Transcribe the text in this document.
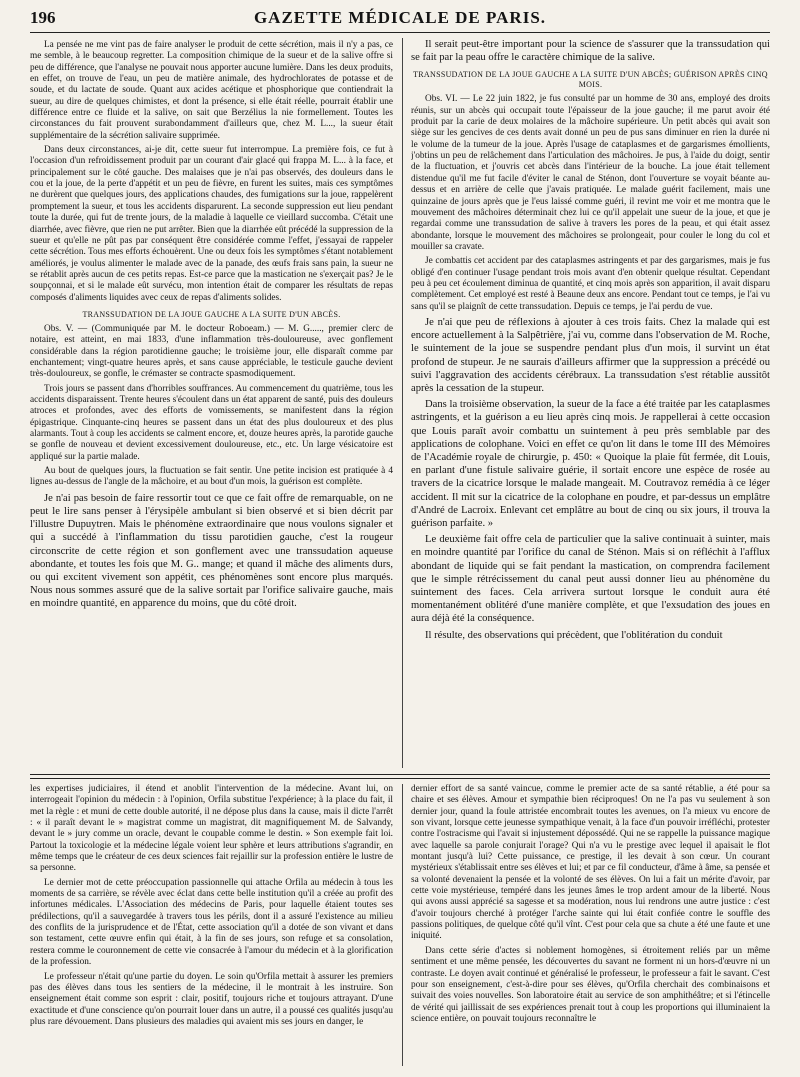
196	GAZETTE MÉDICALE DE PARIS.

La pensée ne me vint pas de faire analyser le produit de cette sécrétion, mais il n'y a pas, ce me semble, à le beaucoup regretter. La composition chimique de la sueur et de la salive offre si peu de différence, que l'analyse ne pouvait nous apporter aucune lumière. Dans les deux produits, en effet, on trouve de l'eau, un peu de matière animale, des hydrochlorates de potasse et de soude, et du lactate de soude. Quant aux acides acétique et phosphorique que contiendrait la sueur, au dire de quelques chimistes, et dont la présence, si elle était réelle, pourrait établir une différence entre ce fluide et la salive, on sait que Berzélius la nie formellement. Toutes les circonstances du fait prouvent surabondamment d'ailleurs que, chez M. L..., la sueur était supplémentaire de la sécrétion salivaire supprimée.

Dans deux circonstances, ai-je dit, cette sueur fut interrompue. La première fois, ce fut à l'occasion d'un refroidissement produit par un courant d'air glacé qui frappa M. L... à la face, et principalement sur le côté gauche. Des malaises que je n'ai pas observés, des douleurs dans le cou et la joue, de la perte d'appétit et un peu de fièvre, en furent les suites, mais ces symptômes ne durèrent que quelques jours, des applications chaudes, des fumigations sur la joue, rappelèrent promptement la sueur, et tous les accidents disparurent. La seconde suppression eut lieu pendant toute la durée, qui fut de trente jours, de la maladie à laquelle ce vieillard succomba. C'était une diarrhée, avec fièvre, que rien ne put arrêter. Bien que la diarrhée eût précédé la suppression de la sueur et qu'elle ne pût pas par conséquent être considérée comme l'effet, j'essayai de rappeler cette sécrétion. Tous mes efforts échouèrent. Une ou deux fois les symptômes s'étant notablement améliorés, je voulus alimenter le malade avec de la panade, des œufs frais sans pain, la sueur ne se rétablit après aucun de ces petits repas. Est-ce parce que la mastication ne s'exerçait pas? Je le soupçonnai, et si le malade eût survécu, mon intention était de comparer les résultats de repas composés d'aliments liquides avec ceux de repas d'aliments solides.

TRANSSUDATION DE LA JOUE GAUCHE A LA SUITE D'UN ABCÈS.

Obs. V. — (Communiquée par M. le docteur Roboeam.) — M. G....., premier clerc de notaire, est atteint, en mai 1833, d'une inflammation très-douloureuse, avec gonflement considérable dans la région parotidienne gauche; le troisième jour, elle disparaît comme par enchantement; vingt-quatre heures après, et sans cause appréciable, le testicule gauche devient très-douloureux, se gonfle, le crémaster se contracte spasmodiquement.

Trois jours se passent dans d'horribles souffrances. Au commencement du quatrième, tous les accidents disparaissent. Trente heures s'écoulent dans un état apparent de santé, puis des douleurs atroces et profondes, avec des efforts de vomissements, se manifestent dans la région épigastrique. Cinquante-cinq heures se passent dans un état des plus douloureux et des plus alarmants. Tout à coup les accidents se calment encore, et, douze heures après, la parotide gauche se gonfle de nouveau et devient excessivement douloureuse, etc., etc. Un large vésicatoire est appliqué sur la partie malade.

Au bout de quelques jours, la fluctuation se fait sentir. Une petite incision est pratiquée à 4 lignes au-dessus de l'angle de la mâchoire, et au bout d'un mois, la guérison est complète.

Je n'ai pas besoin de faire ressortir tout ce que ce fait offre de remarquable, on ne peut le lire sans penser à l'érysipèle ambulant si bien observé et si bien décrit par l'illustre Dupuytren. Mais le phénomène extraordinaire que nous voulons signaler et qui a succédé à l'inflammation du tissu parotidien gauche, c'est la rougeur circonscrite de cette région et son gonflement avec une transsudation aqueuse abondante, et toutes les fois que M. G.. mange; et quand il mâche des aliments durs, ou qui excitent vivement son appétit, ces phénomènes sont encore plus marqués. Nous nous sommes assuré que de la salive sortait par l'orifice salivaire gauche, mais en moindre quantité, en apparence du moins, que du côté droit.

Il serait peut-être important pour la science de s'assurer que la transsudation qui se fait par la peau offre le caractère chimique de la salive.

TRANSSUDATION DE LA JOUE GAUCHE A LA SUITE D'UN ABCÈS; GUÉRISON APRÈS CINQ MOIS.

Obs. VI. — Le 22 juin 1822, je fus consulté par un homme de 30 ans, employé des droits réunis, sur un abcès qui occupait toute l'épaisseur de la joue gauche; il me parut avoir été produit par la carie de deux molaires de la mâchoire supérieure. Un petit abcès qui avait son siège sur les gencives de ces dents avait donné un peu de pus sans diminuer en rien la durée ni le volume de la tumeur de la joue. Après l'usage de cataplasmes et de gargarismes émollients, j'obtins un peu de relâchement dans l'articulation des mâchoires. Je pus, à l'aide du doigt, sentir de la fluctuation, et j'ouvris cet abcès dans l'intérieur de la bouche. La joue était tellement distendue qu'il me fut facile d'éviter le canal de Sténon, dont l'ouverture se voyait béante au-dessus et en arrière de celle que j'avais pratiquée. Le malade guérit facilement, mais une quinzaine de jours après que je l'eus laissé comme guéri, il revint me voir et me montra que le mouvement des mâchoires déterminait chez lui ce qu'il appelait une sueur de la joue, et que je regardai comme une transsudation de salive à travers les pores de la peau, et qui était assez abondante, lorsque le mouvement des mâchoires se prolongeait, pour couler le long du col et mouiller sa cravate.

Je combattis cet accident par des cataplasmes astringents et par des gargarismes, mais je fus obligé d'en continuer l'usage pendant trois mois avant d'en obtenir quelque résultat. Cependant peu à peu cet écoulement diminua de quantité, et cinq mois après son apparition, il avait disparu complètement. Cet employé est resté à Beaune deux ans encore. Pendant tout ce temps, je l'ai vu sans qu'il se plaignît de cette transsudation. Depuis ce temps, je l'ai perdu de vue.

Je n'ai que peu de réflexions à ajouter à ces trois faits. Chez la malade qui est encore actuellement à la Salpêtrière, j'ai vu, comme dans l'observation de M. Roche, le suintement de la joue se suspendre pendant plus d'un mois, il survint un état profond de stupeur. Je ne saurais d'ailleurs affirmer que la suppression a précédé ou suivi l'aggravation des accidents cérébraux. La transsudation s'est rétablie aussitôt après la cessation de la stupeur.

Dans la troisième observation, la sueur de la face a été traitée par les cataplasmes astringents, et la guérison a eu lieu après cinq mois. Je rappellerai à cette occasion que Louis paraît avoir combattu un suintement à peu près semblable par des applications de colophane. Voici en effet ce qu'on lit dans le tome III des Mémoires de l'Académie royale de chirurgie, p. 450: « Quoique la plaie fût fermée, dit Louis, en parlant d'une fistule salivaire guérie, il sortait encore une espèce de rosée au travers de la cicatrice lorsque le malade mangeait. M. Coutravoz remédia à ce léger accident. Il mit sur la cicatrice de la colophane en poudre, et par-dessus un emplâtre d'André de Lacroix. Enlevant cet emplâtre au bout de cinq ou six jours, il trouva la guérison parfaite. »

Le deuxième fait offre cela de particulier que la salive continuait à suinter, mais en moindre quantité par l'orifice du canal de Sténon. Mais si on réfléchit à l'afflux abondant de liquide qui se fait pendant la mastication, on comprendra facilement que le simple rétrécissement du canal peut aussi donner lieu au phénomène du suintement des faces. Cela arrivera surtout lorsque le conduit aura été momentanément oblitéré d'une manière complète, et que l'exsudation des joues en aura déjà été la conséquence.

Il résulte, des observations qui précèdent, que l'oblitération du conduit

les expertises judiciaires, il étend et anoblit l'intervention de la médecine. Avant lui, on interrogeait l'opinion du médecin : à l'opinion, Orfila substitue l'expérience; à la place du fait, il met la règle : et muni de cette double autorité, il ne dépose plus dans la cause, mais il dicte l'arrêt : « il paraît devant le » magistrat comme un magistrat, dit magnifiquement M. de Salvandy, devant le » jury comme un oracle, devant le coupable comme le destin. » Son exemple fait loi. Partout la toxicologie et la médecine légale voient leur sphère et leurs attributions s'agrandir, en même temps que le créateur de ces deux sciences fait rejaillir sur la profession entière le lustre de sa personne.

Le dernier mot de cette préoccupation passionnelle qui attache Orfila au médecin à tous les moments de sa carrière, se révèle avec éclat dans cette belle institution qu'il a créée au profit des infortunes médicales. L'Association des médecins de Paris, pour laquelle étaient toutes ses prédilections, qu'il a sauvegardée à travers tous les périls, dont il a assuré l'existence au milieu des conflits de la jurisprudence et de l'État, cette association qu'il a dotée de son vivant et dans son testament, cette œuvre enfin qui était, à la fin de ses jours, son refuge et sa consolation, restera comme le couronnement de cette vie consacrée à l'amour du médecin et à la glorification de la profession.

Le professeur n'était qu'une partie du doyen. Le soin qu'Orfila mettait à assurer les premiers pas des élèves dans tous les sentiers de la médecine, il le montrait à les instruire. Son enseignement était comme son esprit : clair, positif, toujours riche et toujours attrayant. D'une exactitude et d'une conscience qu'on pourrait louer dans un autre, il a poussé ces qualités jusqu'au plus rare dévouement. Dans plusieurs des maladies qui avaient mis ses jours en danger, le

dernier effort de sa santé vaincue, comme le premier acte de sa santé rétablie, a été pour sa chaire et ses élèves. Amour et sympathie bien réciproques! On ne l'a pas vu seulement à son dernier jour, quand la foule attristée encombrait toutes les avenues, on l'a mieux vu encore de son vivant, lorsque cette jeunesse sympathique venait, à la face d'un pouvoir irréfléchi, protester contre l'ostracisme qui l'avait si injustement dépossédé. Qui ne se rappelle la puissance magique avec laquelle sa parole conjurait l'orage? Qui n'a vu le prestige avec lequel il apaisait le flot montant jusqu'à lui? Cette puissance, ce prestige, il les devait à son cœur. Un courant mystérieux s'établissait entre ses élèves et lui; et par ce fil conducteur, d'âme à âme, sa pensée et sa volonté devenaient la pensée et la volonté de ses élèves. On lui a fait un mérite d'avoir, par cette voie mystérieuse, tempéré dans les jeunes âmes le trop ardent amour de la liberté. Nous qui avons aussi apprécié sa sagesse et sa modération, nous lui rendrons une autre justice : c'est d'avoir toujours cherché à protéger l'arche sainte qui lui était confiée contre le souffle des passions politiques, de quelque côté qu'il vînt. C'est pour cela que sa chute a été une faute et une iniquité.

Dans cette série d'actes si noblement homogènes, si étroitement reliés par un même sentiment et une même pensée, les découvertes du savant ne forment ni un hors-d'œuvre ni un contraste. Le doyen avait continué et généralisé le professeur, le professeur a fait le savant. C'est pour son enseignement, c'est-à-dire pour ses élèves, qu'Orfila cherchait des combinaisons et suivait des voies nouvelles. Son laboratoire était au service de son amphithéâtre; et si l'étincelle de vérité qui jaillissait de ses expériences prenait tout à coup les proportions qui illuminaient la science entière, on pouvait toujours reconnaître le
